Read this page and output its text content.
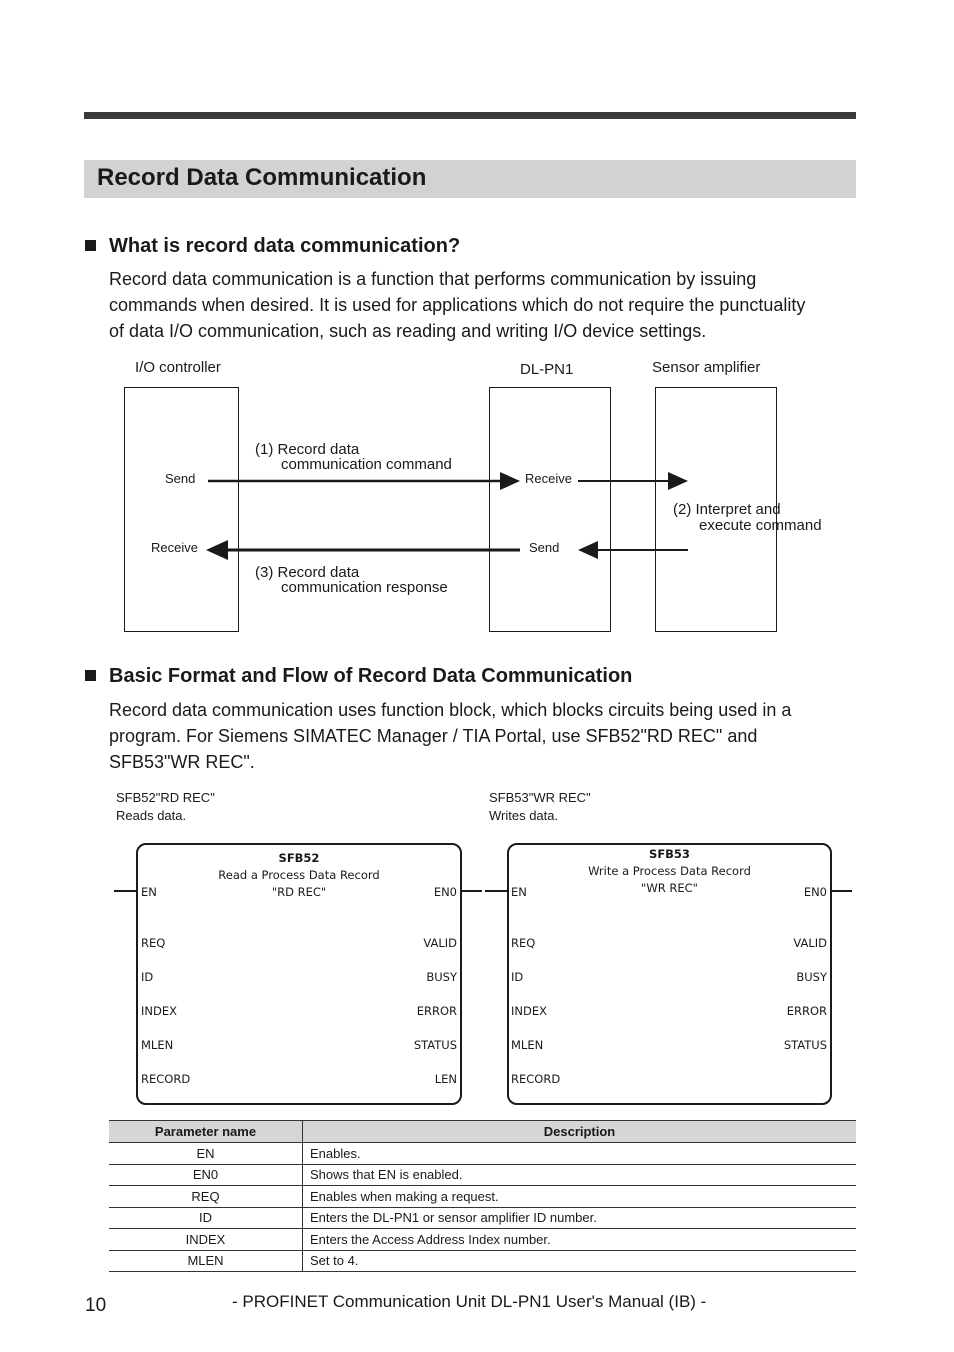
Record Data Communication
What is record data communication?
Record data communication is a function that performs communication by issuing
commands when desired. It is used for applications which do not require the punctuality
of data I/O communication, such as reading and writing I/O device settings.
I/O controller	DL-PN1	Sensor amplifier
Send
Receive
Receive
Send
(1) Record data
communication command
(2) Interpret and
execute command
(3) Record data
communication response
Basic Format and Flow of Record Data Communication
Record data communication uses function block, which blocks circuits being used in a
program. For Siemens SIMATEC Manager / TIA Portal, use SFB52"RD REC" and
SFB53"WR REC".
SFB52"RD REC"
Reads data.
SFB53"WR REC"
Writes data.
SFB52
Read a Process Data Record
"RD REC"
EN
REQ
ID
INDEX
MLEN
RECORD
EN0
VALID
BUSY
ERROR
STATUS
LEN
SFB53
Write a Process Data Record
"WR REC"
EN
REQ
ID
INDEX
MLEN
RECORD
EN0
VALID
BUSY
ERROR
STATUS
Parameter name	Description
EN	Enables.
EN0	Shows that EN is enabled.
REQ	Enables when making a request.
ID	Enters the DL-PN1 or sensor amplifier ID number.
INDEX	Enters the Access Address Index number.
MLEN	Set to 4.
10	- PROFINET Communication Unit DL-PN1 User's Manual (IB) -
